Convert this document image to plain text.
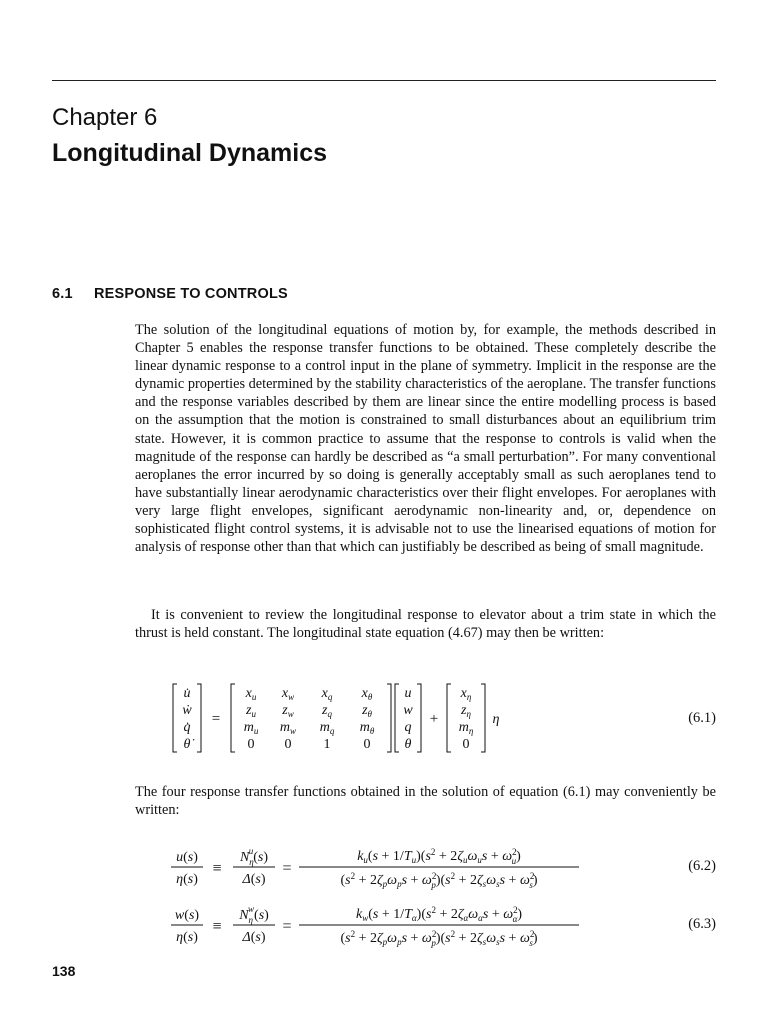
Chapter 6
Longitudinal Dynamics
6.1 RESPONSE TO CONTROLS
The solution of the longitudinal equations of motion by, for example, the methods described in Chapter 5 enables the response transfer functions to be obtained. These completely describe the linear dynamic response to a control input in the plane of symmetry. Implicit in the response are the dynamic properties determined by the stability characteristics of the aeroplane. The transfer functions and the response variables described by them are linear since the entire modelling process is based on the assumption that the motion is constrained to small disturbances about an equilibrium trim state. However, it is common practice to assume that the response to controls is valid when the magnitude of the response can hardly be described as “a small perturbation”. For many conventional aeroplanes the error incurred by so doing is generally acceptably small as such aeroplanes tend to have substantially linear aerodynamic characteristics over their flight envelopes. For aeroplanes with very large flight envelopes, significant aerodynamic non-linearity and, or, dependence on sophisticated flight control systems, it is advisable not to use the linearised equations of motion for analysis of response other than that which can justifiably be described as being of small magnitude.
It is convenient to review the longitudinal response to elevator about a trim state in which the thrust is held constant. The longitudinal state equation (4.67) may then be written:
u̇
ẇ
q̇
θ̇
$x_u$ $x_w$ $x_q$ $x_\theta$
$z_u$ $z_w$ $z_q$ $z_\theta$
$m_u$ $m_w$ $m_q$ $m_\theta$
0 0 1 0
u
w
q
θ
$x_\eta$
$z_\eta$
$m_\eta$
0
η
=	+	(6.1)
The four response transfer functions obtained in the solution of equation (6.1) may conveniently be written:
u(s)
η(s)
≡
$N_\eta u(s)$
Δ(s)
=
$k_u(s + 1/T_u)(s^2 + 2\zeta_u\omega_us + \omega^2$ u)
($s^2 + 2\zeta_p\omega_ps + \omega^2$ $p)(s^2 + 2\zeta_s\omega_ss + \omega^2$ s)
(6.2)
w(s)
η(s)
≡
$N_\eta w(s)$
Δ(s)
=
$k_w(s + 1/T_\alpha)(s^2 + 2\zeta_\alpha\omega_\alpha s + \omega^2$ α)
($s^2 + 2\zeta_p\omega_ps + \omega^2$ $p)(s^2 + 2\zeta_s\omega_ss + \omega^2$ s)
(6.3)
138
